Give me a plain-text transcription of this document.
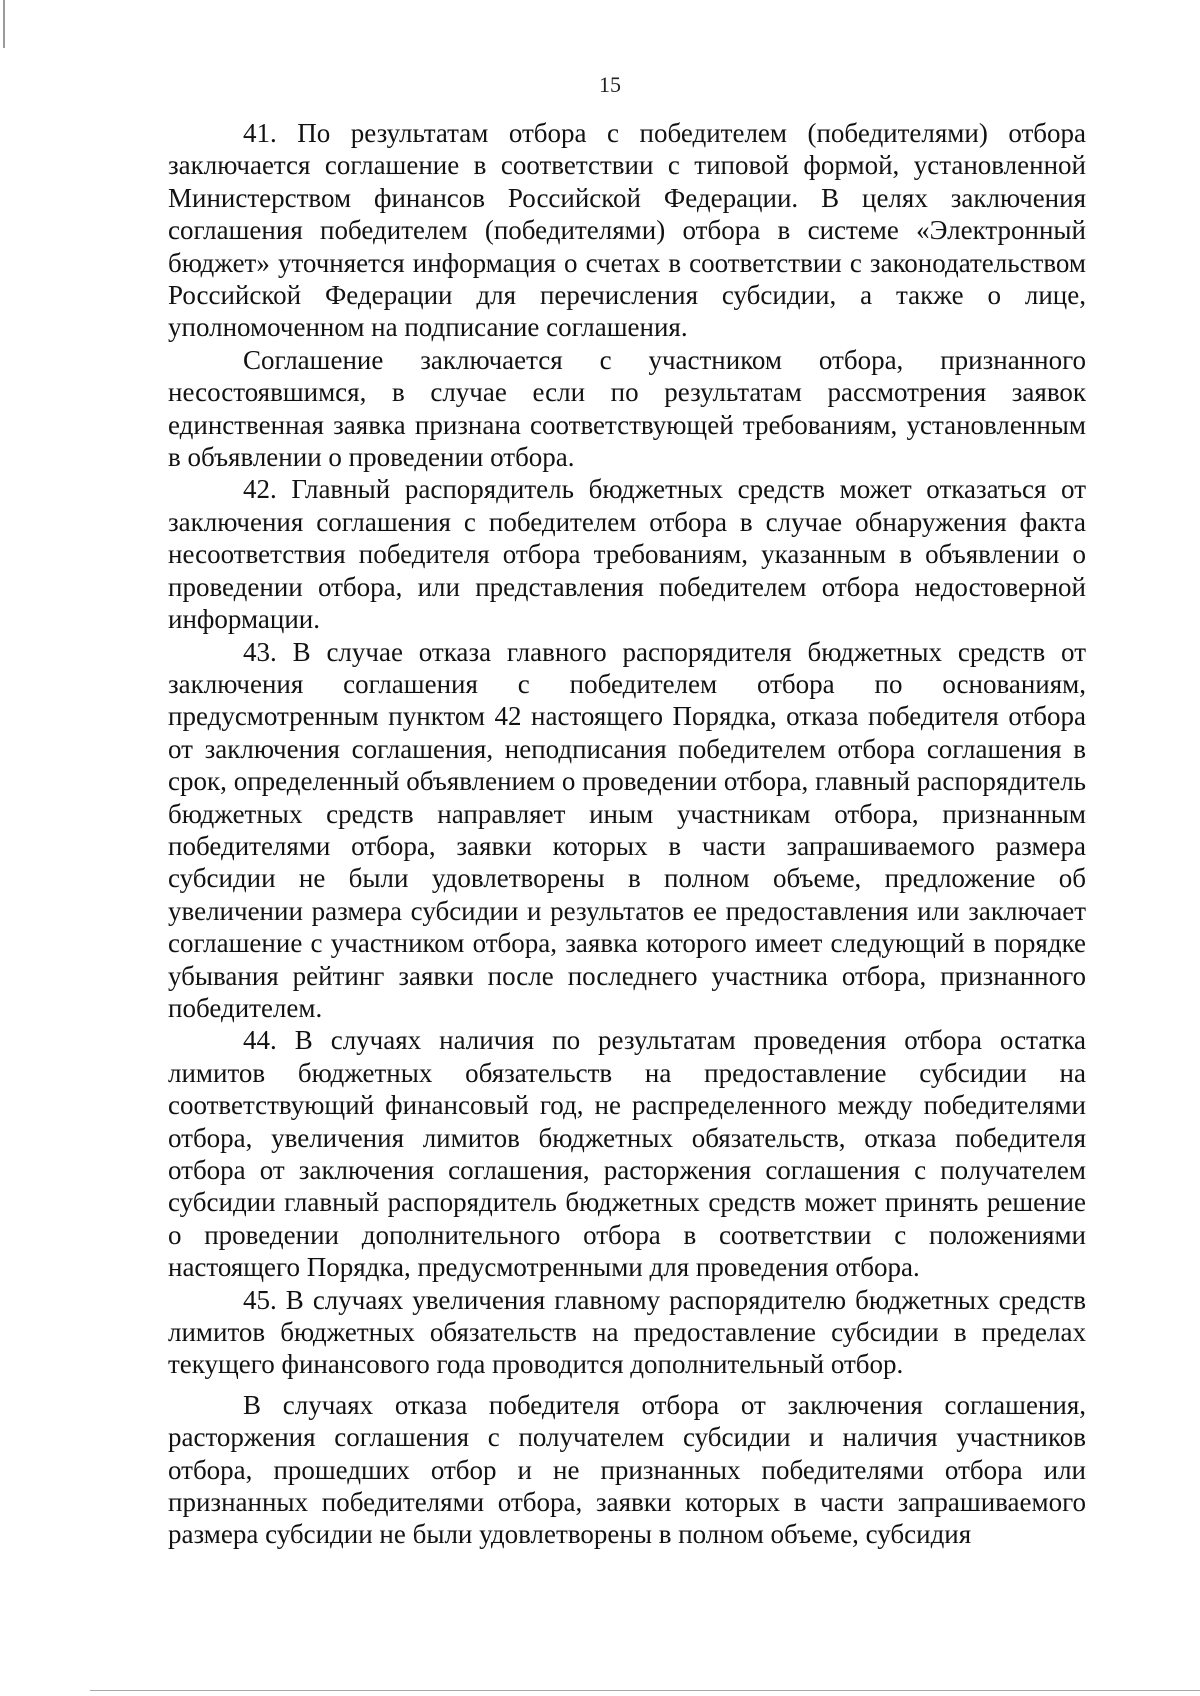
15

41. По результатам отбора с победителем (победителями) отбора заключается соглашение в соответствии с типовой формой, установленной Министерством финансов Российской Федерации. В целях заключения соглашения победителем (победителями) отбора в системе «Электронный бюджет» уточняется информация о счетах в соответствии с законодательством Российской Федерации для перечисления субсидии, а также о лице, уполномоченном на подписание соглашения.

Соглашение заключается с участником отбора, признанного несостоявшимся, в случае если по результатам рассмотрения заявок единственная заявка признана соответствующей требованиям, установленным в объявлении о проведении отбора.

42. Главный распорядитель бюджетных средств может отказаться от заключения соглашения с победителем отбора в случае обнаружения факта несоответствия победителя отбора требованиям, указанным в объявлении о проведении отбора, или представления победителем отбора недостоверной информации.

43. В случае отказа главного распорядителя бюджетных средств от заключения соглашения с победителем отбора по основаниям, предусмотренным пунктом 42 настоящего Порядка, отказа победителя отбора от заключения соглашения, неподписания победителем отбора соглашения в срок, определенный объявлением о проведении отбора, главный распорядитель бюджетных средств направляет иным участникам отбора, признанным победителями отбора, заявки которых в части запрашиваемого размера субсидии не были удовлетворены в полном объеме, предложение об увеличении размера субсидии и результатов ее предоставления или заключает соглашение с участником отбора, заявка которого имеет следующий в порядке убывания рейтинг заявки после последнего участника отбора, признанного победителем.

44. В случаях наличия по результатам проведения отбора остатка лимитов бюджетных обязательств на предоставление субсидии на соответствующий финансовый год, не распределенного между победителями отбора, увеличения лимитов бюджетных обязательств, отказа победителя отбора от заключения соглашения, расторжения соглашения с получателем субсидии главный распорядитель бюджетных средств может принять решение о проведении дополнительного отбора в соответствии с положениями настоящего Порядка, предусмотренными для проведения отбора.

45. В случаях увеличения главному распорядителю бюджетных средств лимитов бюджетных обязательств на предоставление субсидии в пределах текущего финансового года проводится дополнительный отбор.

В случаях отказа победителя отбора от заключения соглашения, расторжения соглашения с получателем субсидии и наличия участников отбора, прошедших отбор и не признанных победителями отбора или признанных победителями отбора, заявки которых в части запрашиваемого размера субсидии не были удовлетворены в полном объеме, субсидия
